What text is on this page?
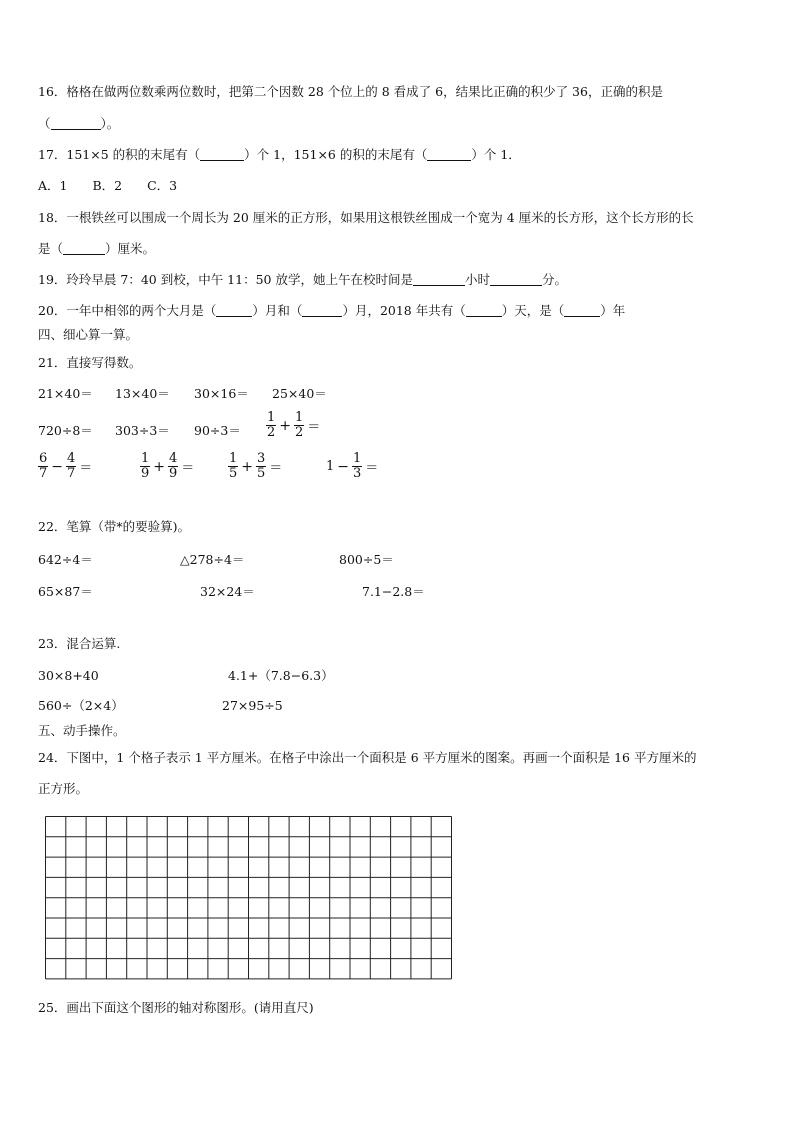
16．格格在做两位数乘两位数时，把第二个因数 28 个位上的 8 看成了 6，结果比正确的积少了 36，正确的积是
（	）。
17．151×5 的积的末尾有（	）个 1，151×6 的积的末尾有（	）个 1．
A．1　　B．2　　C．3
18．一根铁丝可以围成一个周长为 20 厘米的正方形，如果用这根铁丝围成一个宽为 4 厘米的长方形，这个长方形的长
是（	）厘米。
19．玲玲早晨 7：40 到校，中午 11：50 放学，她上午在校时间是	小时	分。
20．一年中相邻的两个大月是（	）月和（	）月，2018 年共有（	）天，是（	）年
四、细心算一算。
21．直接写得数。
21×40＝ 13×40＝ 30×16＝ 25×40＝
$720\div 8= 303\div 3= 90\div 3= \frac{1}{2} + \frac{1}{2}$ ＝
$\frac{6}{7} - \frac{4}{7}$ ＝	$\frac{1}{9} + \frac{4}{9}$ ＝	$\frac{1}{5} + \frac{3}{5}$ ＝	$1 - \frac{1}{3}$ ＝
22．笔算（带*的要验算)。
642÷4＝	△278÷4＝	800÷5＝
65×87＝	32×24＝	7.1−2.8＝
23．混合运算.
30×8+40	4.1+（7.8−6.3）
560÷（2×4）	27×95÷5
五、动手操作。
24．下图中，1 个格子表示 1 平方厘米。在格子中涂出一个面积是 6 平方厘米的图案。再画一个面积是 16 平方厘米的
正方形。
25．画出下面这个图形的轴对称图形。(请用直尺)
